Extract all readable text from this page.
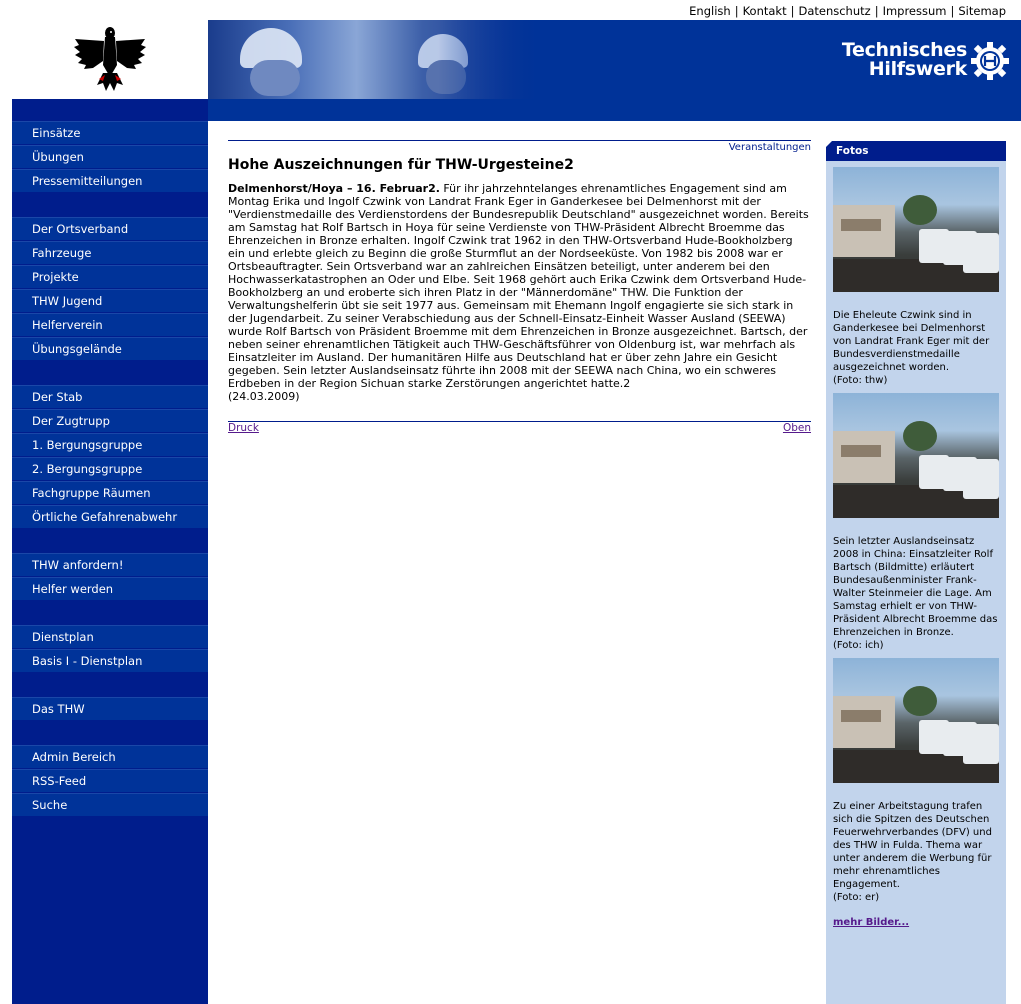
English | Kontakt | Datenschutz | Impressum | Sitemap
Technisches
Hilfswerk
Einsätze
Übungen
Pressemitteilungen
Der Ortsverband
Fahrzeuge
Projekte
THW Jugend
Helferverein
Übungsgelände
Der Stab
Der Zugtrupp
1. Bergungsgruppe
2. Bergungsgruppe
Fachgruppe Räumen
Örtliche Gefahrenabwehr
THW anfordern!
Helfer werden
Dienstplan
Basis I - Dienstplan
Das THW
Admin Bereich
RSS-Feed
Suche
Veranstaltungen
Hohe Auszeichnungen für THW-Urgesteine2
Delmenhorst/Hoya – 16. Februar2. Für ihr jahrzehntelanges ehrenamtliches Engagement sind am Montag Erika und Ingolf Czwink von Landrat Frank Eger in Ganderkesee bei Delmenhorst mit der "Verdienstmedaille des Verdienstordens der Bundesrepublik Deutschland" ausgezeichnet worden. Bereits am Samstag hat Rolf Bartsch in Hoya für seine Verdienste von THW-Präsident Albrecht Broemme das Ehrenzeichen in Bronze erhalten. Ingolf Czwink trat 1962 in den THW-Ortsverband Hude-Bookholzberg ein und erlebte gleich zu Beginn die große Sturmflut an der Nordseeküste. Von 1982 bis 2008 war er Ortsbeauftragter. Sein Ortsverband war an zahlreichen Einsätzen beteiligt, unter anderem bei den Hochwasserkatastrophen an Oder und Elbe. Seit 1968 gehört auch Erika Czwink dem Ortsverband Hude-Bookholzberg an und eroberte sich ihren Platz in der "Männerdomäne" THW. Die Funktion der Verwaltungshelferin übt sie seit 1977 aus. Gemeinsam mit Ehemann Ingolf engagierte sie sich stark in der Jugendarbeit. Zu seiner Verabschiedung aus der Schnell-Einsatz-Einheit Wasser Ausland (SEEWA) wurde Rolf Bartsch von Präsident Broemme mit dem Ehrenzeichen in Bronze ausgezeichnet. Bartsch, der neben seiner ehrenamtlichen Tätigkeit auch THW-Geschäftsführer von Oldenburg ist, war mehrfach als Einsatzleiter im Ausland. Der humanitären Hilfe aus Deutschland hat er über zehn Jahre ein Gesicht gegeben. Sein letzter Auslandseinsatz führte ihn 2008 mit der SEEWA nach China, wo ein schweres Erdbeben in der Region Sichuan starke Zerstörungen angerichtet hatte.2
(24.03.2009)
Druck	Oben
Fotos
Die Eheleute Czwink sind in Ganderkesee bei Delmenhorst von Landrat Frank Eger mit der Bundesverdienstmedaille ausgezeichnet worden.
(Foto: thw)
Sein letzter Auslandseinsatz 2008 in China: Einsatzleiter Rolf Bartsch (Bildmitte) erläutert Bundesaußenminister Frank-Walter Steinmeier die Lage. Am Samstag erhielt er von THW-Präsident Albrecht Broemme das Ehrenzeichen in Bronze.
(Foto: ich)
Zu einer Arbeitstagung trafen sich die Spitzen des Deutschen Feuerwehrverbandes (DFV) und des THW in Fulda. Thema war unter anderem die Werbung für mehr ehrenamtliches Engagement.
(Foto: er)
mehr Bilder...
